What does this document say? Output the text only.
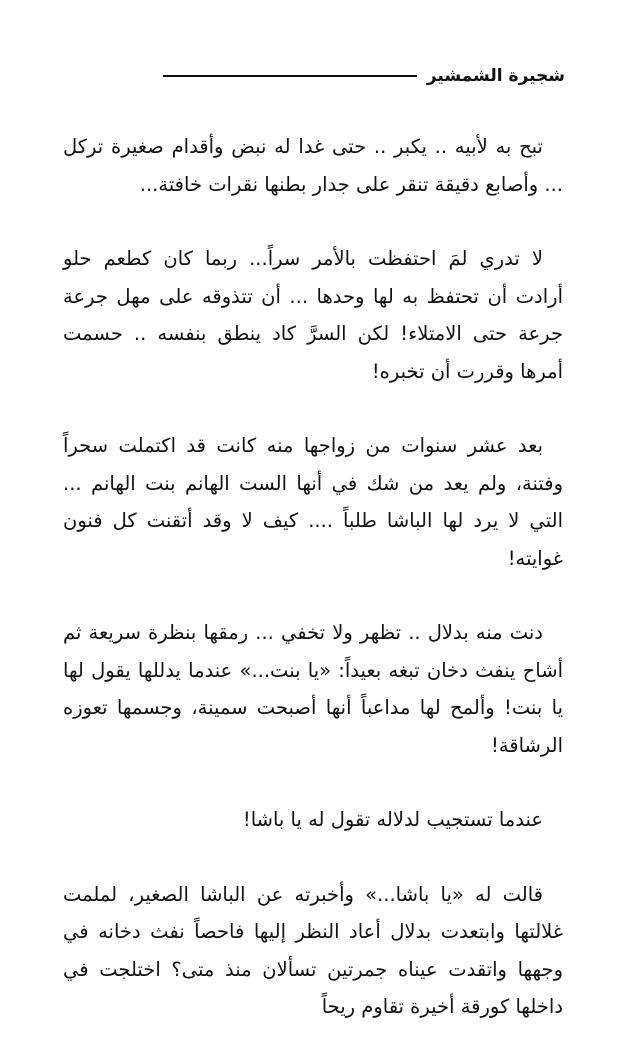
شجيرة الشمشير

تبح به لأبيه .. يكبر .. حتى غدا له نبض وأقدام صغيرة تركل ... وأصابع دقيقة تنقر على جدار بطنها نقرات خافتة...

لا تدري لمَ احتفظت بالأمر سراً... ربما كان كطعم حلو أرادت أن تحتفظ به لها وحدها ... أن تتذوقه على مهل جرعة جرعة حتى الامتلاء! لكن السرَّ كاد ينطق بنفسه .. حسمت أمرها وقررت أن تخبره!

بعد عشر سنوات من زواجها منه كانت قد اكتملت سحراً وفتنة، ولم يعد من شك في أنها الست الهانم بنت الهانم ... التي لا يرد لها الباشا طلباً .... كيف لا وقد أتقنت كل فنون غوايته!

دنت منه بدلال .. تظهر ولا تخفي ... رمقها بنظرة سريعة ثم أشاح ينفث دخان تبغه بعيداً: «يا بنت...» عندما يدللها يقول لها يا بنت! وألمح لها مداعباً أنها أصبحت سمينة، وجسمها تعوزه الرشاقة!

عندما تستجيب لدلاله تقول له يا باشا!

قالت له «يا باشا...» وأخبرته عن الباشا الصغير، لملمت غلالتها وابتعدت بدلال أعاد النظر إليها فاحصاً نفث دخانه في وجهها واتقدت عيناه جمرتين تسألان منذ متى؟ اختلجت في داخلها كورقة أخيرة تقاوم ريحاً
